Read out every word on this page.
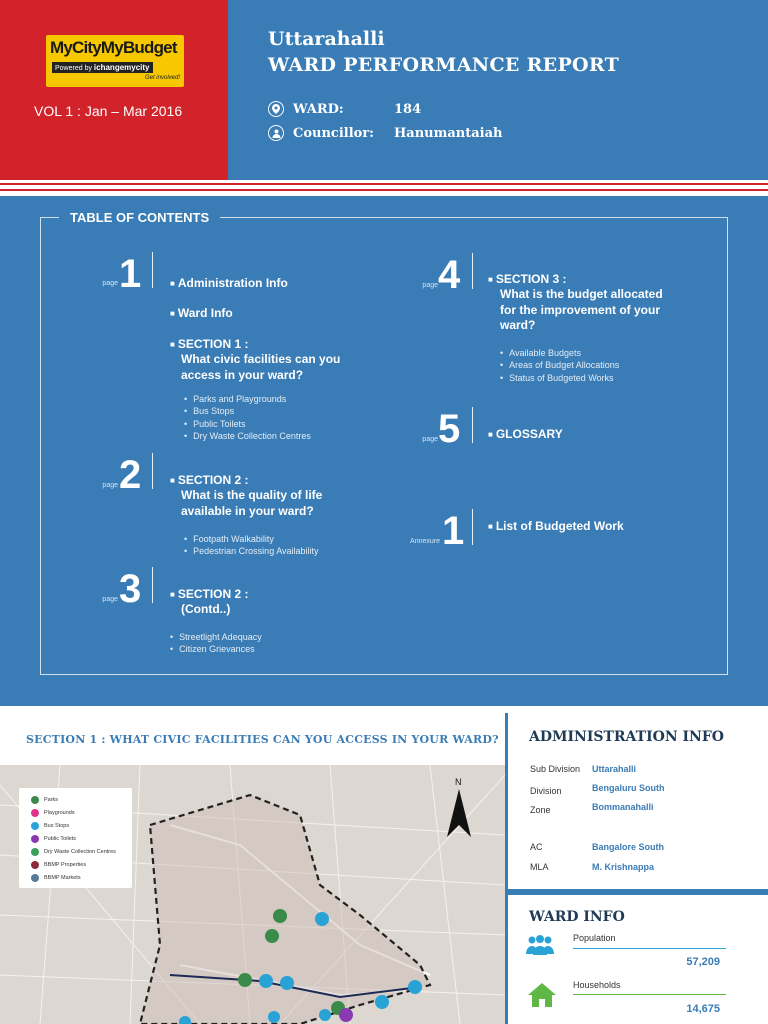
MyCityMyBudget
Powered by ichangemycity
Get involved!
VOL 1 : Jan – Mar 2016
Uttarahalli
WARD PERFORMANCE REPORT
WARD:	184
Councillor:	Hanumantaiah
TABLE OF CONTENTS
page 1	■ Administration Info
■ Ward Info
■ SECTION 1 :
What civic facilities can you access in your ward?
• Parks and Playgrounds
• Bus Stops
• Public Toilets
• Dry Waste Collection Centres
page 2	■ SECTION 2 :
What is the quality of life available in your ward?
• Footpath Walkability
• Pedestrian Crossing Availability
page 3	■ SECTION 2 :
(Contd..)
• Streetlight Adequacy
• Citizen Grievances
page 4	■ SECTION 3 :
What is the budget allocated for the improvement of your ward?
• Available Budgets
• Areas of Budget Allocations
• Status of Budgeted Works
page 5	■ GLOSSARY
Annexure 1	■ List of Budgeted Work
SECTION 1 : WHAT CIVIC FACILITIES CAN YOU ACCESS IN YOUR WARD?
N
Parks
Playgrounds
Bus Stops
Public Toilets
Dry Waste Collection Centres
BBMP Properties
BBMP Markets
ADMINISTRATION INFO
Sub Division	Uttarahalli
Division	Bengaluru South
Zone	Bommanahalli
AC	Bangalore South
MLA	M. Krishnappa
WARD INFO
Population
57,209
Households
14,675
